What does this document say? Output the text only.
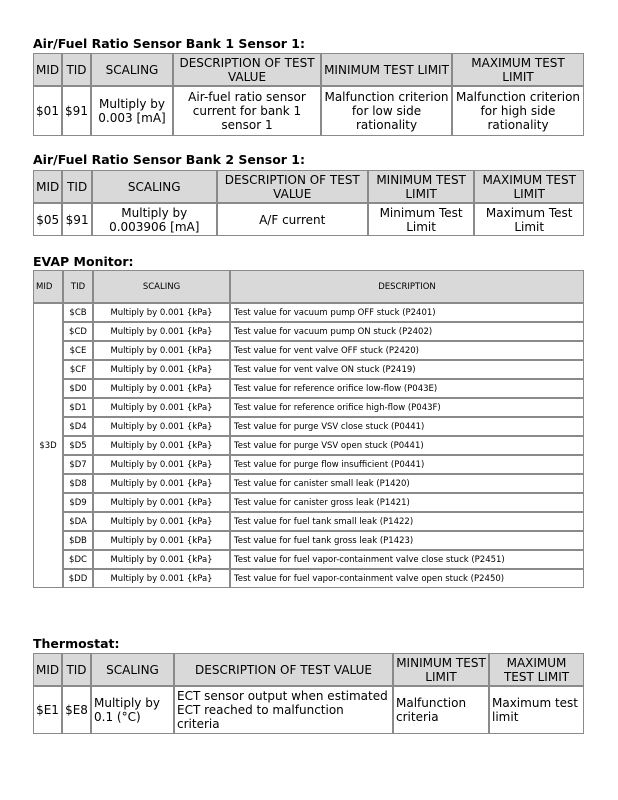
Air/Fuel Ratio Sensor Bank 1 Sensor 1:

MID	TID	SCALING	DESCRIPTION OF TEST VALUE	MINIMUM TEST LIMIT	MAXIMUM TEST LIMIT
$01	$91	Multiply by 0.003 [mA]	Air-fuel ratio sensor current for bank 1 sensor 1	Malfunction criterion for low side rationality	Malfunction criterion for high side rationality

Air/Fuel Ratio Sensor Bank 2 Sensor 1:

MID	TID	SCALING	DESCRIPTION OF TEST VALUE	MINIMUM TEST LIMIT	MAXIMUM TEST LIMIT
$05	$91	Multiply by 0.003906 [mA]	A/F current	Minimum Test Limit	Maximum Test Limit

EVAP Monitor:

MID	TID	SCALING	DESCRIPTION
$3D	$CB	Multiply by 0.001 {kPa}	Test value for vacuum pump OFF stuck (P2401)
	$CD	Multiply by 0.001 {kPa}	Test value for vacuum pump ON stuck (P2402)
	$CE	Multiply by 0.001 {kPa}	Test value for vent valve OFF stuck (P2420)
	$CF	Multiply by 0.001 {kPa}	Test value for vent valve ON stuck (P2419)
	$D0	Multiply by 0.001 {kPa}	Test value for reference orifice low-flow (P043E)
	$D1	Multiply by 0.001 {kPa}	Test value for reference orifice high-flow (P043F)
	$D4	Multiply by 0.001 {kPa}	Test value for purge VSV close stuck (P0441)
	$D5	Multiply by 0.001 {kPa}	Test value for purge VSV open stuck (P0441)
	$D7	Multiply by 0.001 {kPa}	Test value for purge flow insufficient (P0441)
	$D8	Multiply by 0.001 {kPa}	Test value for canister small leak (P1420)
	$D9	Multiply by 0.001 {kPa}	Test value for canister gross leak (P1421)
	$DA	Multiply by 0.001 {kPa}	Test value for fuel tank small leak (P1422)
	$DB	Multiply by 0.001 {kPa}	Test value for fuel tank gross leak (P1423)
	$DC	Multiply by 0.001 {kPa}	Test value for fuel vapor-containment valve close stuck (P2451)
	$DD	Multiply by 0.001 {kPa}	Test value for fuel vapor-containment valve open stuck (P2450)

Thermostat:

MID	TID	SCALING	DESCRIPTION OF TEST VALUE	MINIMUM TEST LIMIT	MAXIMUM TEST LIMIT
$E1	$E8	Multiply by 0.1 (°C)	ECT sensor output when estimated ECT reached to malfunction criteria	Malfunction criteria	Maximum test limit
